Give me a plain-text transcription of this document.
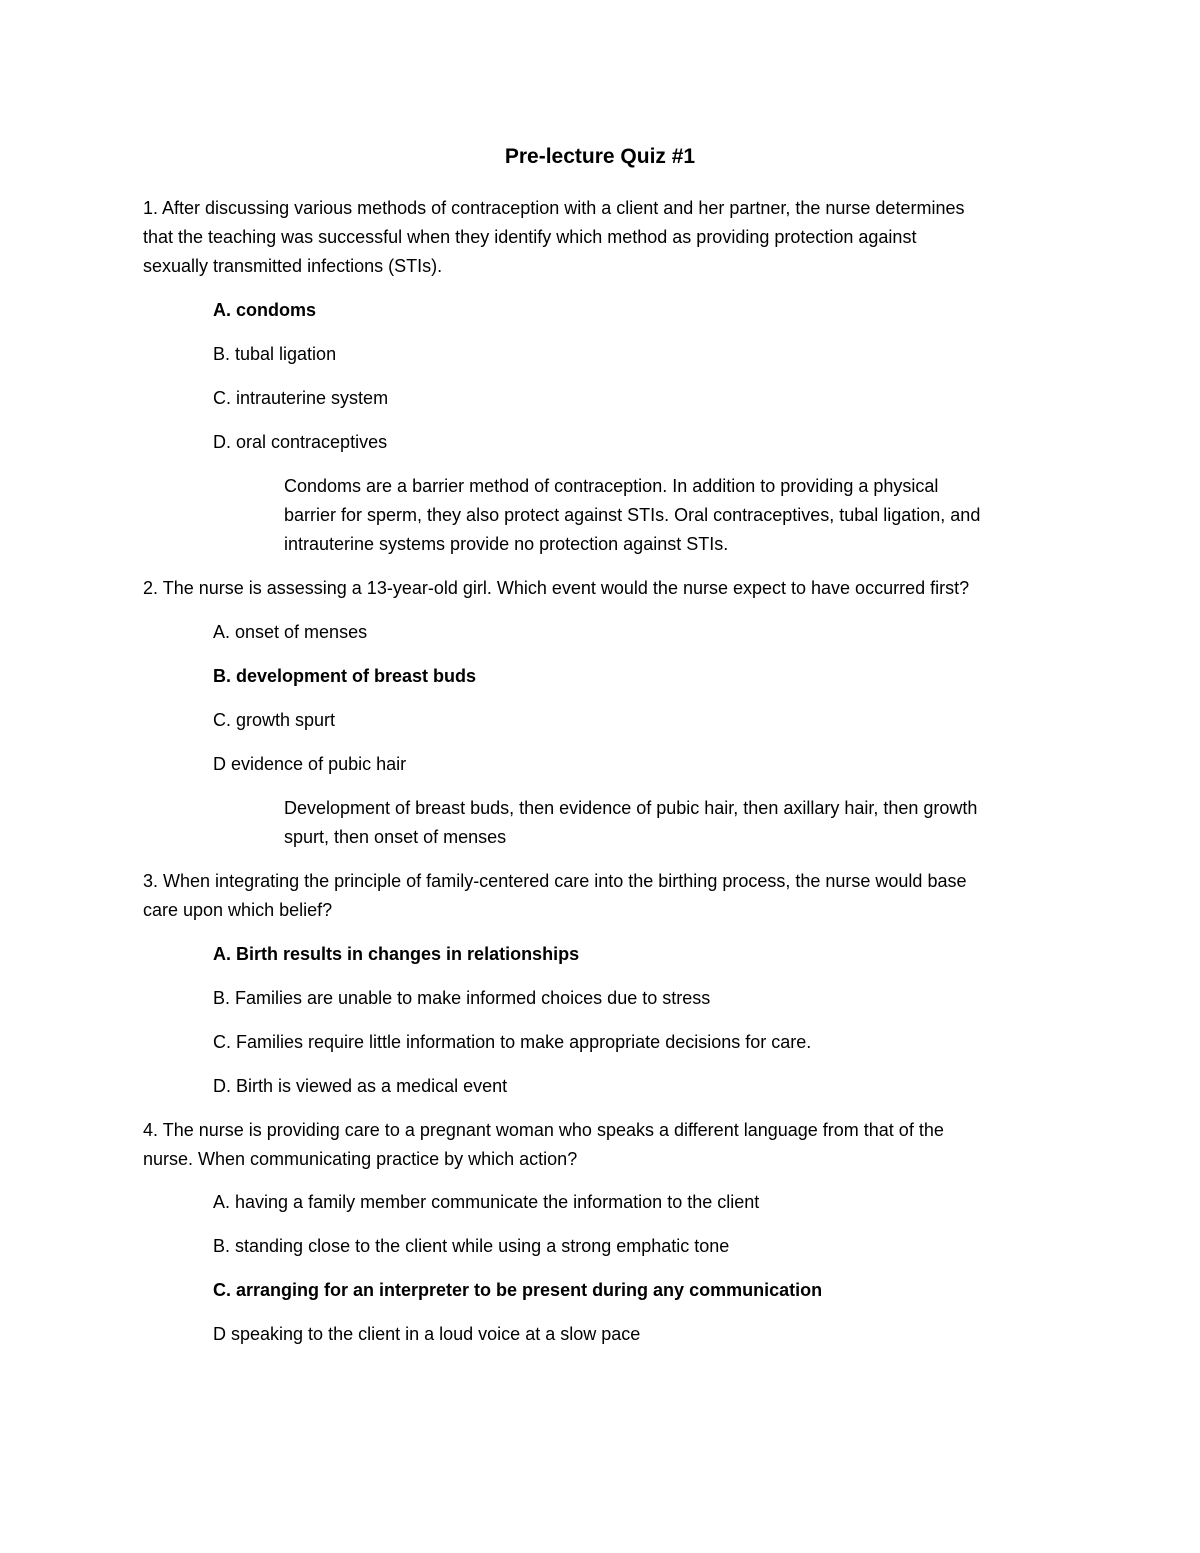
Pre-lecture Quiz #1
1. After discussing various methods of contraception with a client and her partner, the nurse determines
that the teaching was successful when they identify which method as providing protection against
sexually transmitted infections (STIs).
A. condoms
B. tubal ligation
C. intrauterine system
D. oral contraceptives
Condoms are a barrier method of contraception. In addition to providing a physical
barrier for sperm, they also protect against STIs. Oral contraceptives, tubal ligation, and
intrauterine systems provide no protection against STIs.
2. The nurse is assessing a 13-year-old girl. Which event would the nurse expect to have occurred first?
A. onset of menses
B. development of breast buds
C. growth spurt
D evidence of pubic hair
Development of breast buds, then evidence of pubic hair, then axillary hair, then growth
spurt, then onset of menses
3. When integrating the principle of family-centered care into the birthing process, the nurse would base
care upon which belief?
A. Birth results in changes in relationships
B. Families are unable to make informed choices due to stress
C. Families require little information to make appropriate decisions for care.
D. Birth is viewed as a medical event
4. The nurse is providing care to a pregnant woman who speaks a different language from that of the
nurse. When communicating practice by which action?
A. having a family member communicate the information to the client
B. standing close to the client while using a strong emphatic tone
C. arranging for an interpreter to be present during any communication
D speaking to the client in a loud voice at a slow pace
